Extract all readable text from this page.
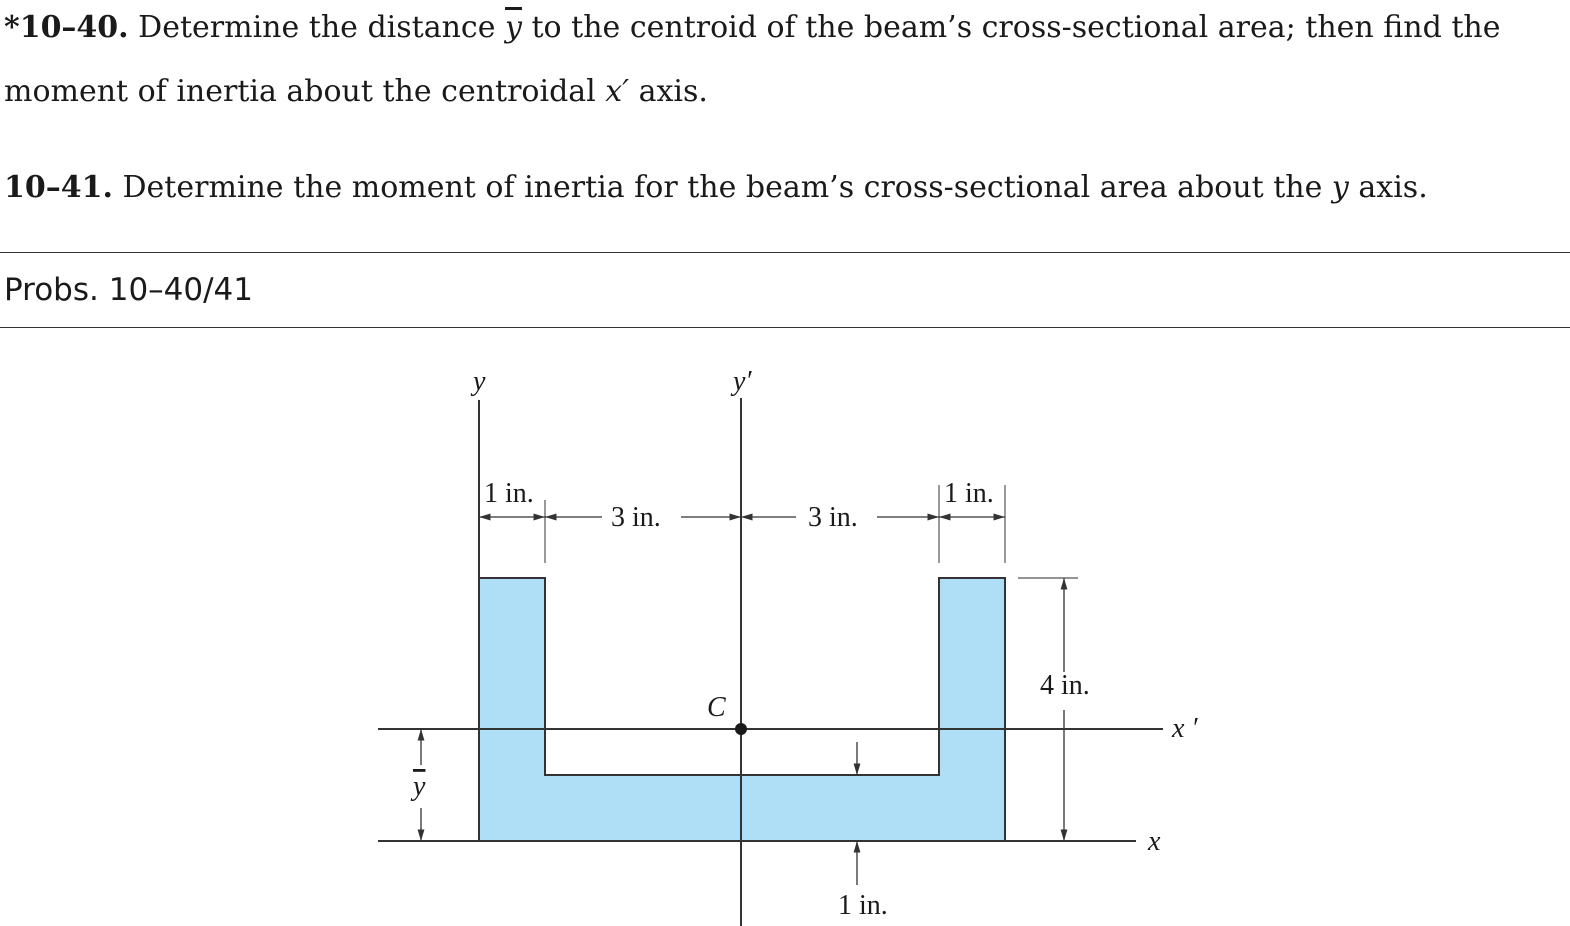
*10–40. Determine the distance $\overline{y}$ to the centroid of the beam’s cross-sectional area; then find the moment of inertia about the centroidal x′ axis.

10–41. Determine the moment of inertia for the beam’s cross-sectional area about the y axis.

Probs. 10–40/41
y	y′
x
x ′
C
y
1 in.
3 in.	3 in.
1 in.
4 in.
1 in.
